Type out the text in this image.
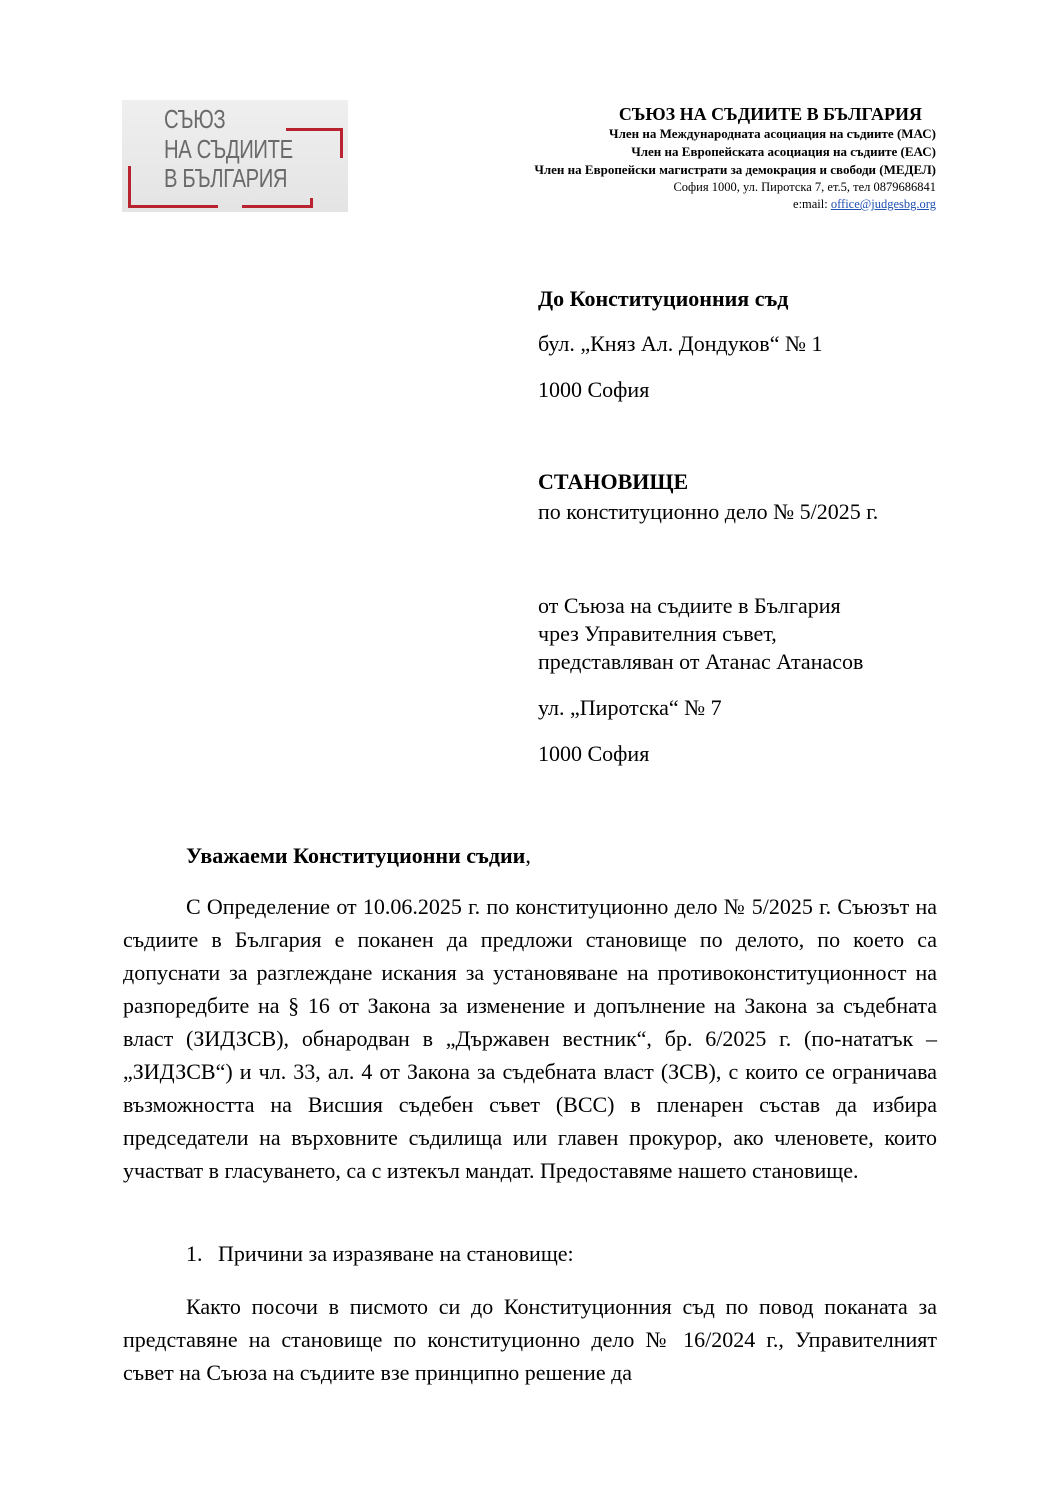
СЪЮЗ
НА СЪДИИТЕ
В БЪЛГАРИЯ
СЪЮЗ НА СЪДИИТЕ В БЪЛГАРИЯ
Член на Международната асоциация на съдиите (МАС)
Член на Европейската асоциация на съдиите (ЕАС)
Член на Европейски магистрати за демокрация и свободи (МЕДЕЛ)
София 1000, ул. Пиротска 7, ет.5, тел 0879686841
e:mail: office@judgesbg.org
До Конституционния съд
бул. „Княз Ал. Дондуков“ № 1
1000 София
СТАНОВИЩЕ
по конституционно дело № 5/2025 г.
от Съюза на съдиите в България
чрез Управителния съвет,
представляван от Атанас Атанасов
ул. „Пиротска“ № 7
1000 София
Уважаеми Конституционни съдии,
С Определение от 10.06.2025 г. по конституционно дело № 5/2025 г. Съюзът на съдиите в България е поканен да предложи становище по делото, по което са допуснати за разглеждане искания за установяване на противоконституционност на разпоредбите на § 16 от Закона за изменение и допълнение на Закона за съдебната власт (ЗИДЗСВ), обнародван в „Държавен вестник“, бр. 6/2025 г. (по-нататък – „ЗИДЗСВ“) и чл. 33, ал. 4 от Закона за съдебната власт (ЗСВ), с които се ограничава възможността на Висшия съдебен съвет (ВСС) в пленарен състав да избира председатели на върховните съдилища или главен прокурор, ако членовете, които участват в гласуването, са с изтекъл мандат. Предоставяме нашето становище.
1. Причини за изразяване на становище:
Както посочи в писмото си до Конституционния съд по повод поканата за представяне на становище по конституционно дело № 16/2024 г., Управителният съвет на Съюза на съдиите взе принципно решение да
